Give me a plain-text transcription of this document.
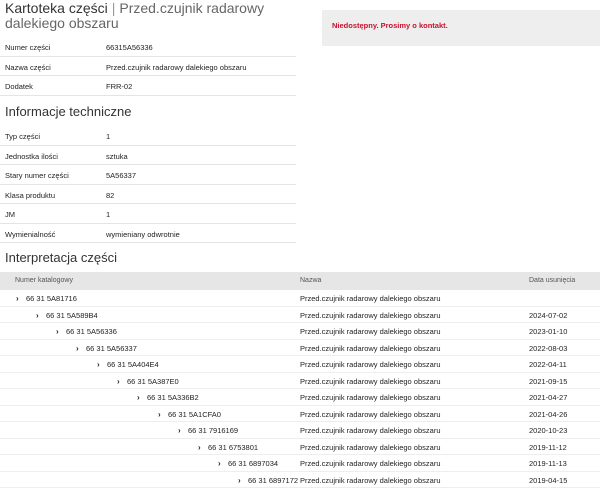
Kartoteka części | Przed.czujnik radarowy dalekiego obszaru	Niedostępny. Prosimy o kontakt.
Numer części	66315A56336
Nazwa części	Przed.czujnik radarowy dalekiego obszaru
Dodatek	FRR-02
Informacje techniczne
Typ części	1
Jednostka ilości	sztuka
Stary numer części	5A56337
Klasa produktu	82
JM	1
Wymienialność	wymieniany odwrotnie
Interpretacja części
Numer katalogowy	Nazwa	Data usunięcia
› 66 31 5A81716	Przed.czujnik radarowy dalekiego obszaru
› 66 31 5A589B4	Przed.czujnik radarowy dalekiego obszaru	2024-07-02
› 66 31 5A56336	Przed.czujnik radarowy dalekiego obszaru	2023-01-10
› 66 31 5A56337	Przed.czujnik radarowy dalekiego obszaru	2022-08-03
› 66 31 5A404E4	Przed.czujnik radarowy dalekiego obszaru	2022-04-11
› 66 31 5A387E0	Przed.czujnik radarowy dalekiego obszaru	2021-09-15
› 66 31 5A336B2	Przed.czujnik radarowy dalekiego obszaru	2021-04-27
› 66 31 5A1CFA0	Przed.czujnik radarowy dalekiego obszaru	2021-04-26
› 66 31 7916169	Przed.czujnik radarowy dalekiego obszaru	2020-10-23
› 66 31 6753801	Przed.czujnik radarowy dalekiego obszaru	2019-11-12
› 66 31 6897034	Przed.czujnik radarowy dalekiego obszaru	2019-11-13
› 66 31 6897172 Przed.czujnik radarowy dalekiego obszaru	2019-04-15
